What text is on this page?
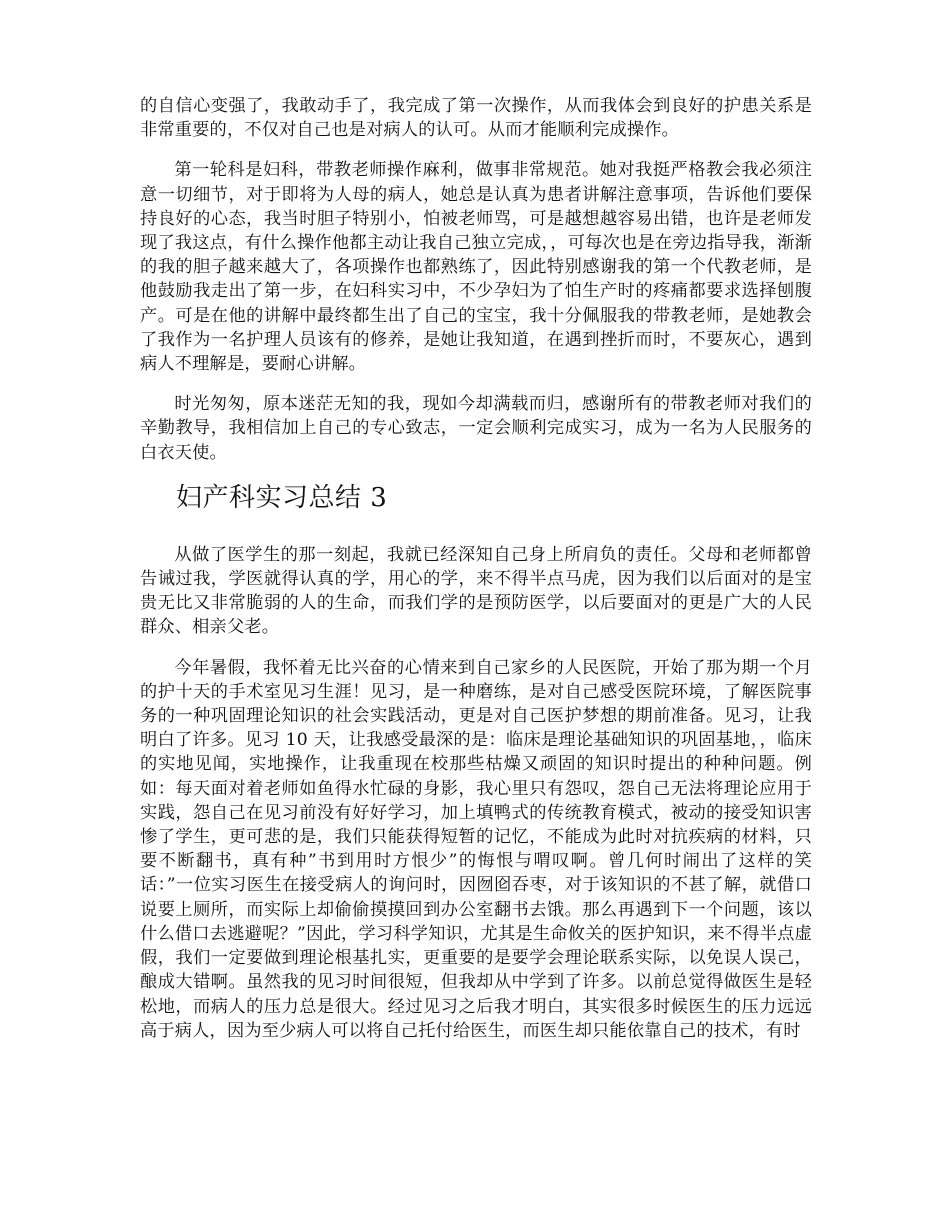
的自信心变强了，我敢动手了，我完成了第一次操作，从而我体会到良好的护患关系是非常重要的，不仅对自己也是对病人的认可。从而才能顺利完成操作。

第一轮科是妇科，带教老师操作麻利，做事非常规范。她对我挺严格教会我必须注意一切细节，对于即将为人母的病人，她总是认真为患者讲解注意事项，告诉他们要保持良好的心态，我当时胆子特别小，怕被老师骂，可是越想越容易出错，也许是老师发现了我这点，有什么操作他都主动让我自己独立完成，，可每次也是在旁边指导我，渐渐的我的胆子越来越大了，各项操作也都熟练了，因此特别感谢我的第一个代教老师，是他鼓励我走出了第一步，在妇科实习中，不少孕妇为了怕生产时的疼痛都要求选择刨腹产。可是在他的讲解中最终都生出了自己的宝宝，我十分佩服我的带教老师，是她教会了我作为一名护理人员该有的修养，是她让我知道，在遇到挫折而时，不要灰心，遇到病人不理解是，要耐心讲解。

时光匆匆，原本迷茫无知的我，现如今却满载而归，感谢所有的带教老师对我们的辛勤教导，我相信加上自己的专心致志，一定会顺利完成实习，成为一名为人民服务的白衣天使。

妇产科实习总结 3

从做了医学生的那一刻起，我就已经深知自己身上所肩负的责任。父母和老师都曾告诫过我，学医就得认真的学，用心的学，来不得半点马虎，因为我们以后面对的是宝贵无比又非常脆弱的人的生命，而我们学的是预防医学，以后要面对的更是广大的人民群众、相亲父老。

今年暑假，我怀着无比兴奋的心情来到自己家乡的人民医院，开始了那为期一个月的护十天的手术室见习生涯！见习，是一种磨练，是对自己感受医院环境，了解医院事务的一种巩固理论知识的社会实践活动，更是对自己医护梦想的期前准备。见习，让我明白了许多。见习 10 天，让我感受最深的是：临床是理论基础知识的巩固基地，，临床的实地见闻，实地操作，让我重现在校那些枯燥又顽固的知识时提出的种种问题。例如：每天面对着老师如鱼得水忙碌的身影，我心里只有怨叹，怨自己无法将理论应用于实践，怨自己在见习前没有好好学习，加上填鸭式的传统教育模式，被动的接受知识害惨了学生，更可悲的是，我们只能获得短暂的记忆，不能成为此时对抗疾病的材料，只要不断翻书，真有种”书到用时方恨少”的悔恨与喟叹啊。曾几何时闹出了这样的笑话：”一位实习医生在接受病人的询问时，因囫囵吞枣，对于该知识的不甚了解，就借口说要上厕所，而实际上却偷偷摸摸回到办公室翻书去饿。那么再遇到下一个问题，该以什么借口去逃避呢？”因此，学习科学知识，尤其是生命攸关的医护知识，来不得半点虚假，我们一定要做到理论根基扎实，更重要的是要学会理论联系实际，以免误人误己，酿成大错啊。虽然我的见习时间很短，但我却从中学到了许多。以前总觉得做医生是轻松地，而病人的压力总是很大。经过见习之后我才明白，其实很多时候医生的压力远远高于病人，因为至少病人可以将自己托付给医生，而医生却只能依靠自己的技术，有时
